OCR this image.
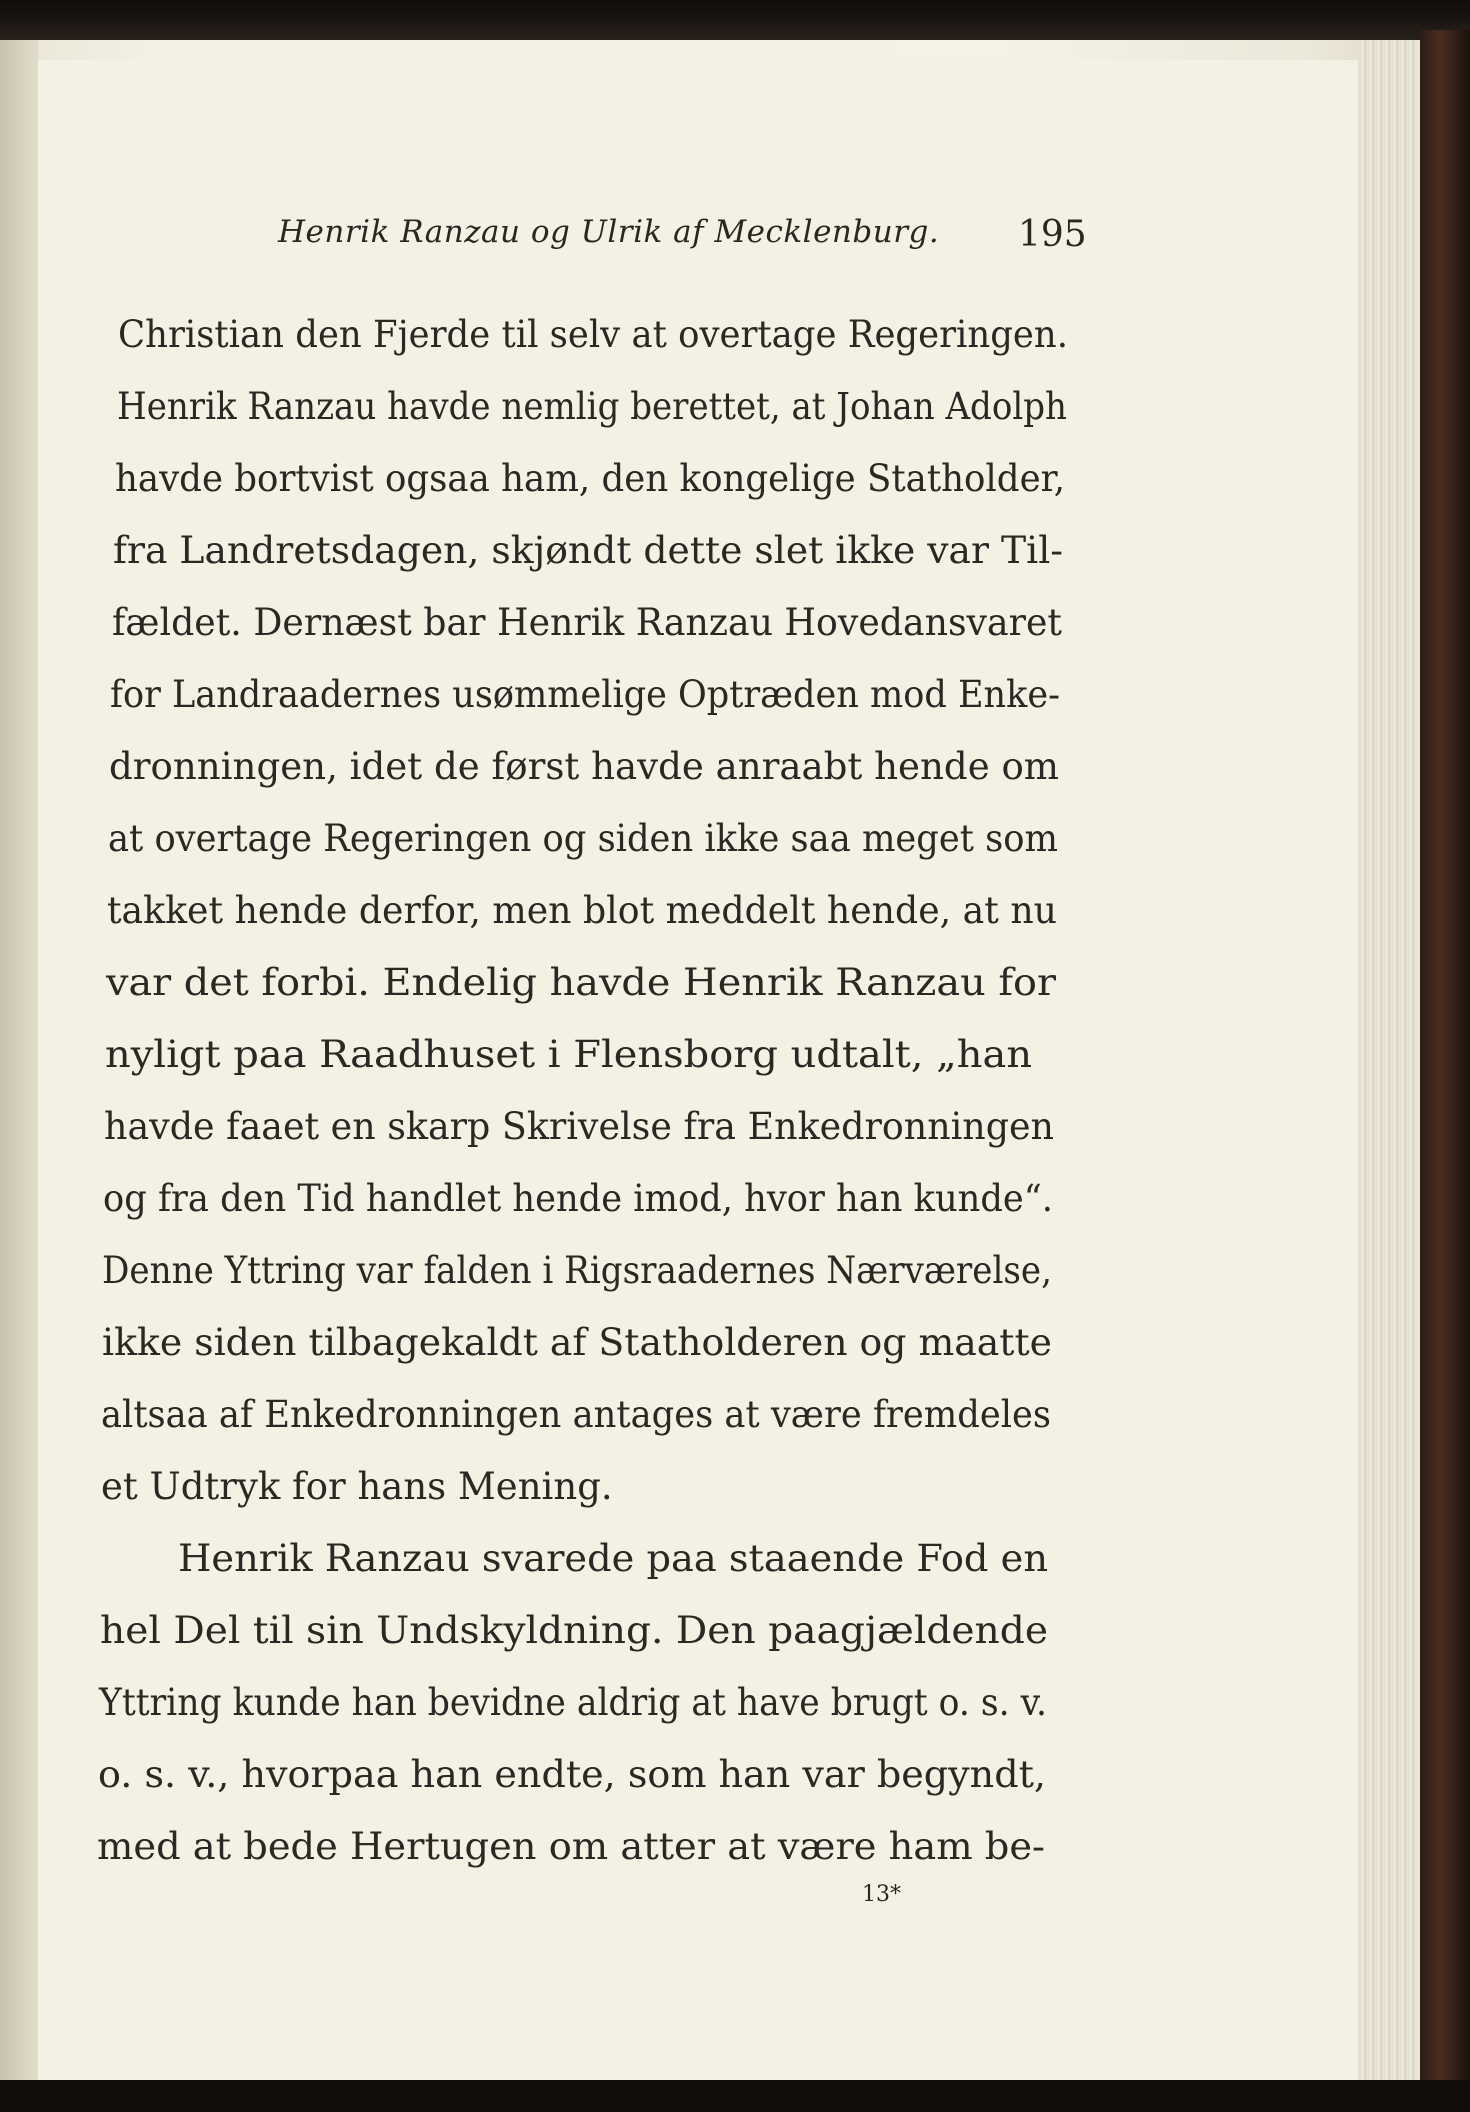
Henrik Ranzau og Ulrik af Mecklenburg. 195
Christian den Fjerde til selv at overtage Regeringen.
Henrik Ranzau havde nemlig berettet, at Johan Adolph
havde bortvist ogsaa ham, den kongelige Statholder,
fra Landretsdagen, skjøndt dette slet ikke var Til-
fældet. Dernæst bar Henrik Ranzau Hovedansvaret
for Landraadernes usømmelige Optræden mod Enke-
dronningen, idet de først havde anraabt hende om
at overtage Regeringen og siden ikke saa meget som
takket hende derfor, men blot meddelt hende, at nu
var det forbi. Endelig havde Henrik Ranzau for
nyligt paa Raadhuset i Flensborg udtalt, „han
havde faaet en skarp Skrivelse fra Enkedronningen
og fra den Tid handlet hende imod, hvor han kunde“.
Denne Yttring var falden i Rigsraadernes Nærværelse,
ikke siden tilbagekaldt af Statholderen og maatte
altsaa af Enkedronningen antages at være fremdeles
et Udtryk for hans Mening.
Henrik Ranzau svarede paa staaende Fod en
hel Del til sin Undskyldning. Den paagjældende
Yttring kunde han bevidne aldrig at have brugt o. s. v.
o. s. v., hvorpaa han endte, som han var begyndt,
med at bede Hertugen om atter at være ham be-
13*
